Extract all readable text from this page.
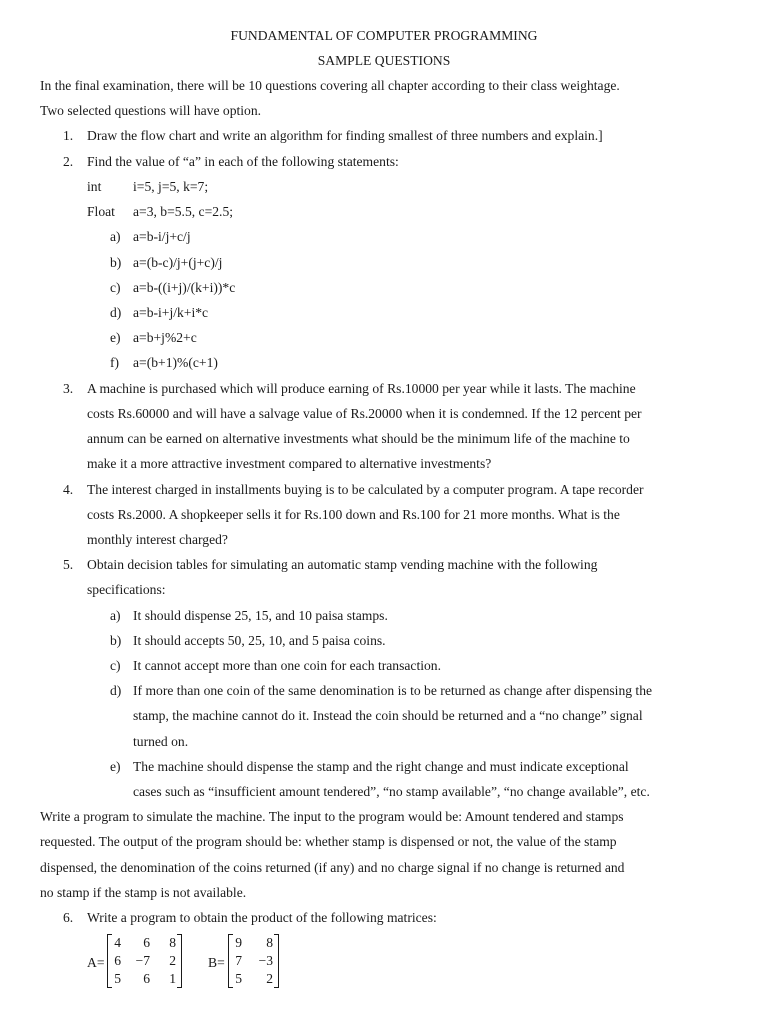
FUNDAMENTAL OF COMPUTER PROGRAMMING
SAMPLE QUESTIONS
In the final examination, there will be 10 questions covering all chapter according to their class weightage.
Two selected questions will have option.
1. Draw the flow chart and write an algorithm for finding smallest of three numbers and explain.]
2. Find the value of “a” in each of the following statements:
int i=5, j=5, k=7;
Float a=3, b=5.5, c=2.5;
a) a=b-i/j+c/j
b) a=(b-c)/j+(j+c)/j
c) a=b-((i+j)/(k+i))*c
d) a=b-i+j/k+i*c
e) a=b+j%2+c
f) a=(b+1)%(c+1)
3. A machine is purchased which will produce earning of Rs.10000 per year while it lasts. The machine
costs Rs.60000 and will have a salvage value of Rs.20000 when it is condemned. If the 12 percent per
annum can be earned on alternative investments what should be the minimum life of the machine to
make it a more attractive investment compared to alternative investments?
4. The interest charged in installments buying is to be calculated by a computer program. A tape recorder
costs Rs.2000. A shopkeeper sells it for Rs.100 down and Rs.100 for 21 more months. What is the
monthly interest charged?
5. Obtain decision tables for simulating an automatic stamp vending machine with the following
specifications:
a) It should dispense 25, 15, and 10 paisa stamps.
b) It should accepts 50, 25, 10, and 5 paisa coins.
c) It cannot accept more than one coin for each transaction.
d) If more than one coin of the same denomination is to be returned as change after dispensing the
stamp, the machine cannot do it. Instead the coin should be returned and a “no change” signal
turned on.
e) The machine should dispense the stamp and the right change and must indicate exceptional
cases such as “insufficient amount tendered”, “no stamp available”, “no change available”, etc.
Write a program to simulate the machine. The input to the program would be: Amount tendered and stamps
requested. The output of the program should be: whether stamp is dispensed or not, the value of the stamp
dispensed, the denomination of the coins returned (if any) and no charge signal if no change is returned and
no stamp if the stamp is not available.
6. Write a program to obtain the product of the following matrices:
A=
4	6	8
6	−7	2
5	6	1
B=
9	8
7	−3
5	2
